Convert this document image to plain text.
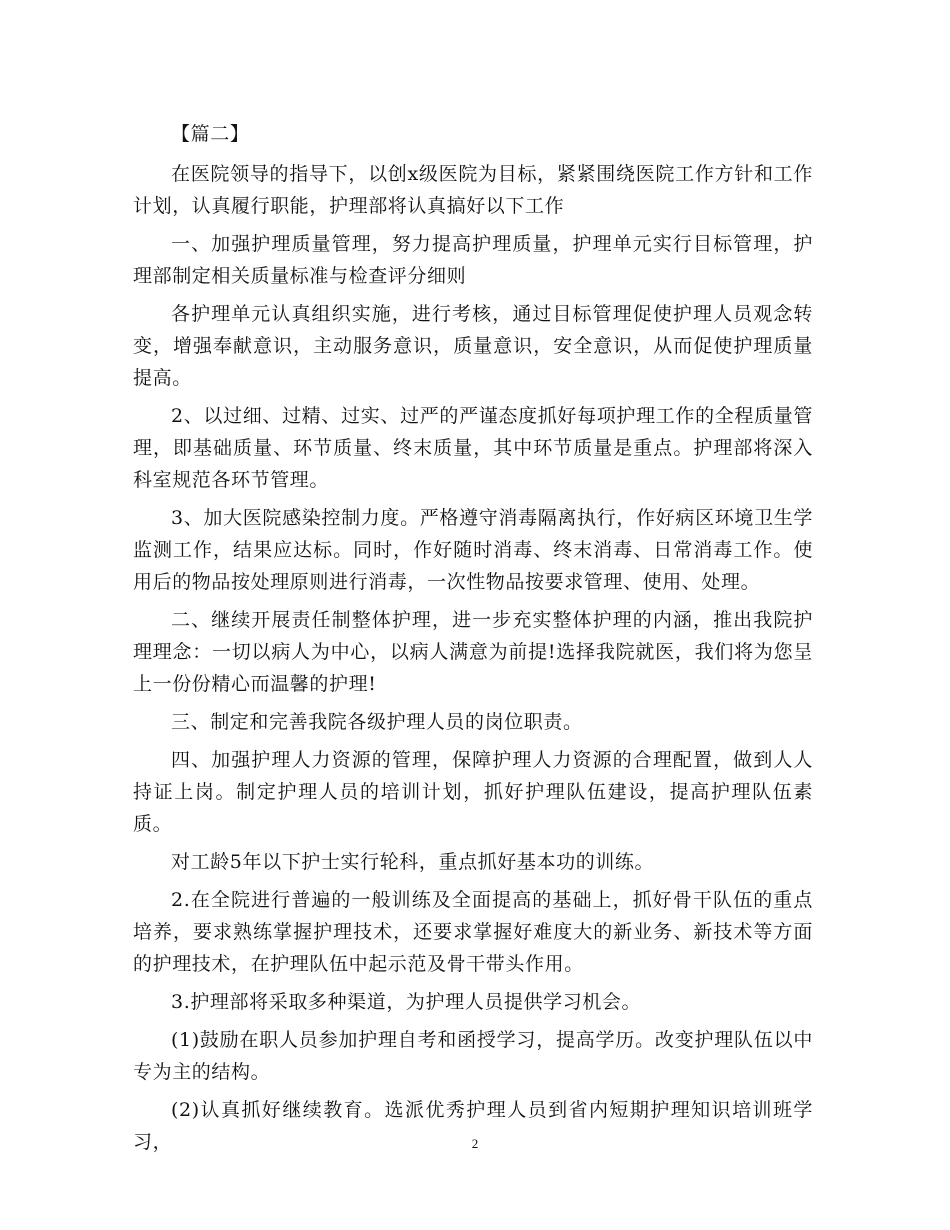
【篇二】

在医院领导的指导下，以创x级医院为目标，紧紧围绕医院工作方针和工作计划，认真履行职能，护理部将认真搞好以下工作

一、加强护理质量管理，努力提高护理质量，护理单元实行目标管理，护理部制定相关质量标准与检查评分细则

各护理单元认真组织实施，进行考核，通过目标管理促使护理人员观念转变，增强奉献意识，主动服务意识，质量意识，安全意识，从而促使护理质量提高。

2、以过细、过精、过实、过严的严谨态度抓好每项护理工作的全程质量管理，即基础质量、环节质量、终末质量，其中环节质量是重点。护理部将深入科室规范各环节管理。

3、加大医院感染控制力度。严格遵守消毒隔离执行，作好病区环境卫生学监测工作，结果应达标。同时，作好随时消毒、终末消毒、日常消毒工作。使用后的物品按处理原则进行消毒，一次性物品按要求管理、使用、处理。

二、继续开展责任制整体护理，进一步充实整体护理的内涵，推出我院护理理念：一切以病人为中心，以病人满意为前提!选择我院就医，我们将为您呈上一份份精心而温馨的护理!

三、制定和完善我院各级护理人员的岗位职责。

四、加强护理人力资源的管理，保障护理人力资源的合理配置，做到人人持证上岗。制定护理人员的培训计划，抓好护理队伍建设，提高护理队伍素质。

对工龄5年以下护士实行轮科，重点抓好基本功的训练。

2.在全院进行普遍的一般训练及全面提高的基础上，抓好骨干队伍的重点培养，要求熟练掌握护理技术，还要求掌握好难度大的新业务、新技术等方面的护理技术，在护理队伍中起示范及骨干带头作用。

3.护理部将采取多种渠道，为护理人员提供学习机会。

(1)鼓励在职人员参加护理自考和函授学习，提高学历。改变护理队伍以中专为主的结构。

(2)认真抓好继续教育。选派优秀护理人员到省内短期护理知识培训班学习，	2
